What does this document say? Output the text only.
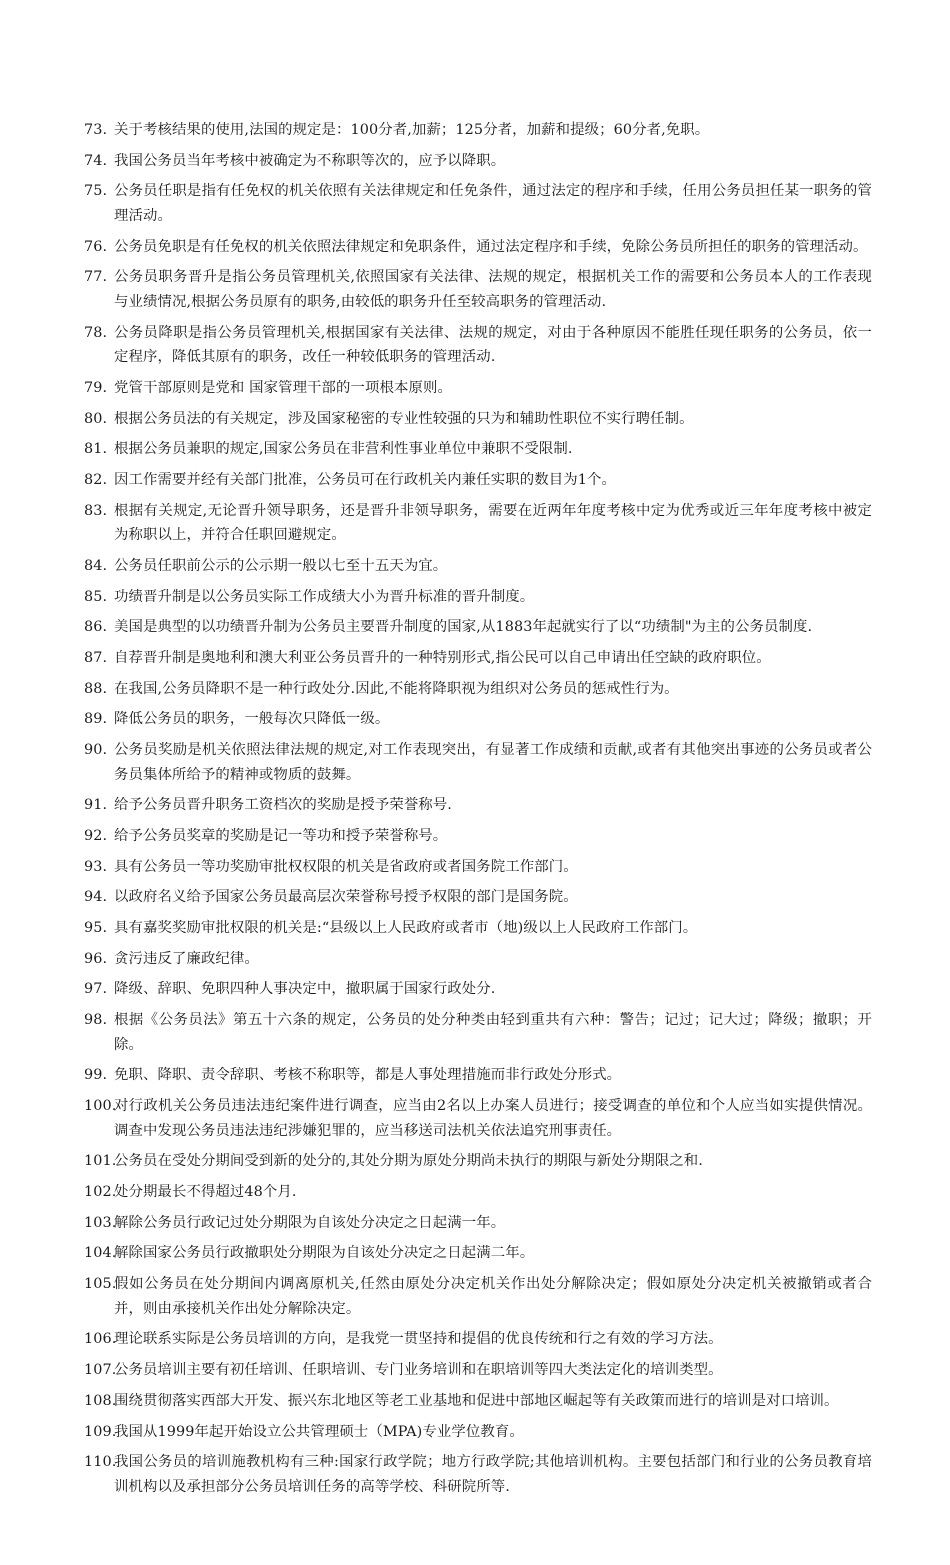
73. 关于考核结果的使用,法国的规定是：100分者,加薪；125分者，加薪和提级；60分者,免职。
74. 我国公务员当年考核中被确定为不称职等次的，应予以降职。
75. 公务员任职是指有任免权的机关依照有关法律规定和任免条件，通过法定的程序和手续，任用公务员担任某一职务的管理活动。
76. 公务员免职是有任免权的机关依照法律规定和免职条件，通过法定程序和手续，免除公务员所担任的职务的管理活动。
77. 公务员职务晋升是指公务员管理机关,依照国家有关法律、法规的规定，根据机关工作的需要和公务员本人的工作表现与业绩情况,根据公务员原有的职务,由较低的职务升任至较高职务的管理活动.
78. 公务员降职是指公务员管理机关,根据国家有关法律、法规的规定，对由于各种原因不能胜任现任职务的公务员，依一定程序，降低其原有的职务，改任一种较低职务的管理活动.
79. 党管干部原则是党和 国家管理干部的一项根本原则。
80. 根据公务员法的有关规定，涉及国家秘密的专业性较强的只为和辅助性职位不实行聘任制。
81. 根据公务员兼职的规定,国家公务员在非营利性事业单位中兼职不受限制.
82. 因工作需要并经有关部门批准，公务员可在行政机关内兼任实职的数目为1个。
83. 根据有关规定,无论晋升领导职务，还是晋升非领导职务，需要在近两年年度考核中定为优秀或近三年年度考核中被定为称职以上，并符合任职回避规定。
84. 公务员任职前公示的公示期一般以七至十五天为宜。
85. 功绩晋升制是以公务员实际工作成绩大小为晋升标准的晋升制度。
86. 美国是典型的以功绩晋升制为公务员主要晋升制度的国家,从1883年起就实行了以“功绩制"为主的公务员制度.
87. 自荐晋升制是奥地利和澳大利亚公务员晋升的一种特别形式,指公民可以自己申请出任空缺的政府职位。
88. 在我国,公务员降职不是一种行政处分.因此,不能将降职视为组织对公务员的惩戒性行为。
89. 降低公务员的职务，一般每次只降低一级。
90. 公务员奖励是机关依照法律法规的规定,对工作表现突出，有显著工作成绩和贡献,或者有其他突出事迹的公务员或者公务员集体所给予的精神或物质的鼓舞。
91. 给予公务员晋升职务工资档次的奖励是授予荣誉称号.
92. 给予公务员奖章的奖励是记一等功和授予荣誉称号。
93. 具有公务员一等功奖励审批权权限的机关是省政府或者国务院工作部门。
94. 以政府名义给予国家公务员最高层次荣誉称号授予权限的部门是国务院。
95. 具有嘉奖奖励审批权限的机关是:“县级以上人民政府或者市（地)级以上人民政府工作部门。
96. 贪污违反了廉政纪律。
97. 降级、辞职、免职四种人事决定中，撤职属于国家行政处分.
98. 根据《公务员法》第五十六条的规定，公务员的处分种类由轻到重共有六种：警告；记过；记大过；降级；撤职；开除。
99. 免职、降职、责令辞职、考核不称职等，都是人事处理措施而非行政处分形式。
100.
对行政机关公务员违法违纪案件进行调查，应当由2名以上办案人员进行；接受调查的单位和个人应当如实提供情况。 调查中发现公务员违法违纪涉嫌犯罪的，应当移送司法机关依法追究刑事责任。
101.
公务员在受处分期间受到新的处分的,其处分期为原处分期尚未执行的期限与新处分期限之和.
102.
处分期最长不得超过48个月.
103.
解除公务员行政记过处分期限为自该处分决定之日起满一年。
104.
解除国家公务员行政撤职处分期限为自该处分决定之日起满二年。
105.
假如公务员在处分期间内调离原机关,任然由原处分决定机关作出处分解除决定；假如原处分决定机关被撤销或者合并，则由承接机关作出处分解除决定。
106.
理论联系实际是公务员培训的方向，是我党一贯坚持和提倡的优良传统和行之有效的学习方法。
107.
公务员培训主要有初任培训、任职培训、专门业务培训和在职培训等四大类法定化的培训类型。
108.
围绕贯彻落实西部大开发、振兴东北地区等老工业基地和促进中部地区崛起等有关政策而进行的培训是对口培训。
109.
我国从1999年起开始设立公共管理硕士（MPA)专业学位教育。
110.
我国公务员的培训施教机构有三种:国家行政学院；地方行政学院;其他培训机构。主要包括部门和行业的公务员教育培训机构以及承担部分公务员培训任务的高等学校、科研院所等.
